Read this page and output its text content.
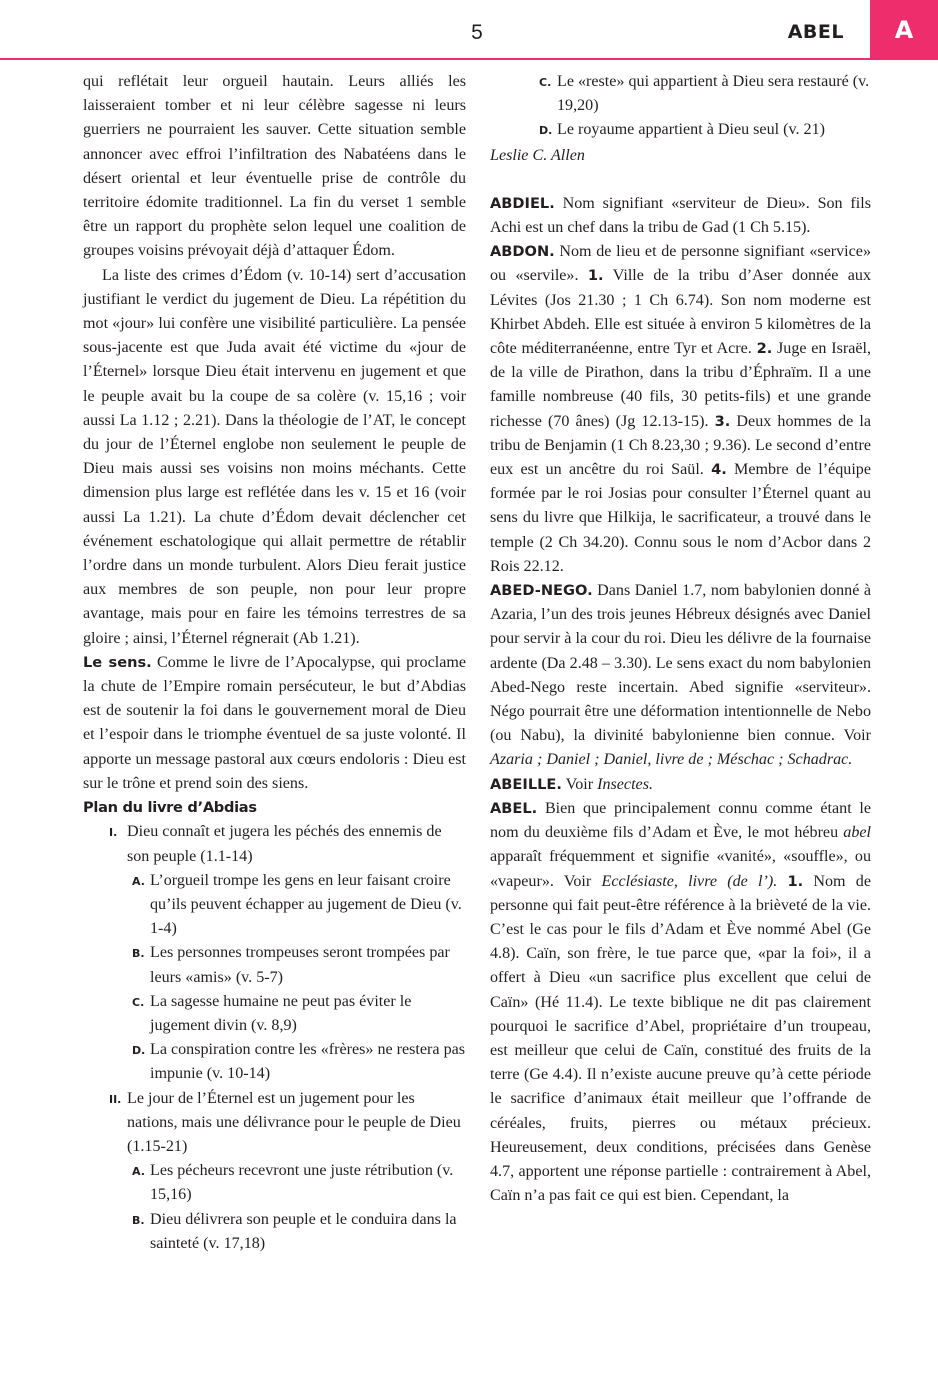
5	ABEL	A

qui reflétait leur orgueil hautain. Leurs alliés les laisseraient tomber et ni leur célèbre sagesse ni leurs guerriers ne pourraient les sauver. Cette situation semble annoncer avec effroi l’infiltration des Nabatéens dans le désert oriental et leur éventuelle prise de contrôle du territoire édomite traditionnel. La fin du verset 1 semble être un rapport du prophète selon lequel une coalition de groupes voisins prévoyait déjà d’attaquer Édom.

La liste des crimes d’Édom (v. 10-14) sert d’accusation justifiant le verdict du jugement de Dieu. La répétition du mot «jour» lui confère une visibilité particulière. La pensée sous-jacente est que Juda avait été victime du «jour de l’Éternel» lorsque Dieu était intervenu en jugement et que le peuple avait bu la coupe de sa colère (v. 15,16 ; voir aussi La 1.12 ; 2.21). Dans la théologie de l’AT, le concept du jour de l’Éternel englobe non seulement le peuple de Dieu mais aussi ses voisins non moins méchants. Cette dimension plus large est reflétée dans les v. 15 et 16 (voir aussi La 1.21). La chute d’Édom devait déclencher cet événement eschatologique qui allait permettre de rétablir l’ordre dans un monde turbulent. Alors Dieu ferait justice aux membres de son peuple, non pour leur propre avantage, mais pour en faire les témoins terrestres de sa gloire ; ainsi, l’Éternel régnerait (Ab 1.21).

Le sens. Comme le livre de l’Apocalypse, qui proclame la chute de l’Empire romain persécuteur, le but d’Abdias est de soutenir la foi dans le gouvernement moral de Dieu et l’espoir dans le triomphe éventuel de sa juste volonté. Il apporte un message pastoral aux cœurs endoloris : Dieu est sur le trône et prend soin des siens.

Plan du livre d’Abdias

I. Dieu connaît et jugera les péchés des ennemis de son peuple (1.1-14)
A. L’orgueil trompe les gens en leur faisant croire qu’ils peuvent échapper au jugement de Dieu (v. 1-4)
B. Les personnes trompeuses seront trompées par leurs «amis» (v. 5-7)
C. La sagesse humaine ne peut pas éviter le jugement divin (v. 8,9)
D. La conspiration contre les «frères» ne restera pas impunie (v. 10-14)
II. Le jour de l’Éternel est un jugement pour les nations, mais une délivrance pour le peuple de Dieu (1.15-21)
A. Les pécheurs recevront une juste rétribution (v. 15,16)
B. Dieu délivrera son peuple et le conduira dans la sainteté (v. 17,18)
C. Le «reste» qui appartient à Dieu sera restauré (v. 19,20)
D. Le royaume appartient à Dieu seul (v. 21)

Leslie C. Allen

ABDIEL. Nom signifiant «serviteur de Dieu». Son fils Achi est un chef dans la tribu de Gad (1 Ch 5.15).

ABDON. Nom de lieu et de personne signifiant «service» ou «servile». 1. Ville de la tribu d’Aser donnée aux Lévites (Jos 21.30 ; 1 Ch 6.74). Son nom moderne est Khirbet Abdeh. Elle est située à environ 5 kilomètres de la côte méditerranéenne, entre Tyr et Acre. 2. Juge en Israël, de la ville de Pirathon, dans la tribu d’Éphraïm. Il a une famille nombreuse (40 fils, 30 petits-fils) et une grande richesse (70 ânes) (Jg 12.13-15). 3. Deux hommes de la tribu de Benjamin (1 Ch 8.23,30 ; 9.36). Le second d’entre eux est un ancêtre du roi Saül. 4. Membre de l’équipe formée par le roi Josias pour consulter l’Éternel quant au sens du livre que Hilkija, le sacrificateur, a trouvé dans le temple (2 Ch 34.20). Connu sous le nom d’Acbor dans 2 Rois 22.12.

ABED-NEGO. Dans Daniel 1.7, nom babylonien donné à Azaria, l’un des trois jeunes Hébreux désignés avec Daniel pour servir à la cour du roi. Dieu les délivre de la fournaise ardente (Da 2.48 – 3.30). Le sens exact du nom babylonien Abed-Nego reste incertain. Abed signifie «serviteur». Négo pourrait être une déformation intentionnelle de Nebo (ou Nabu), la divinité babylonienne bien connue. Voir Azaria ; Daniel ; Daniel, livre de ; Méschac ; Schadrac.

ABEILLE. Voir Insectes.

ABEL. Bien que principalement connu comme étant le nom du deuxième fils d’Adam et Ève, le mot hébreu abel apparaît fréquemment et signifie «vanité», «souffle», ou «vapeur». Voir Ecclésiaste, livre (de l’). 1. Nom de personne qui fait peut-être référence à la brièveté de la vie. C’est le cas pour le fils d’Adam et Ève nommé Abel (Ge 4.8). Caïn, son frère, le tue parce que, «par la foi», il a offert à Dieu «un sacrifice plus excellent que celui de Caïn» (Hé 11.4). Le texte biblique ne dit pas clairement pourquoi le sacrifice d’Abel, propriétaire d’un troupeau, est meilleur que celui de Caïn, constitué des fruits de la terre (Ge 4.4). Il n’existe aucune preuve qu’à cette période le sacrifice d’animaux était meilleur que l’offrande de céréales, fruits, pierres ou métaux précieux. Heureusement, deux conditions, précisées dans Genèse 4.7, apportent une réponse partielle : contrairement à Abel, Caïn n’a pas fait ce qui est bien. Cependant, la
